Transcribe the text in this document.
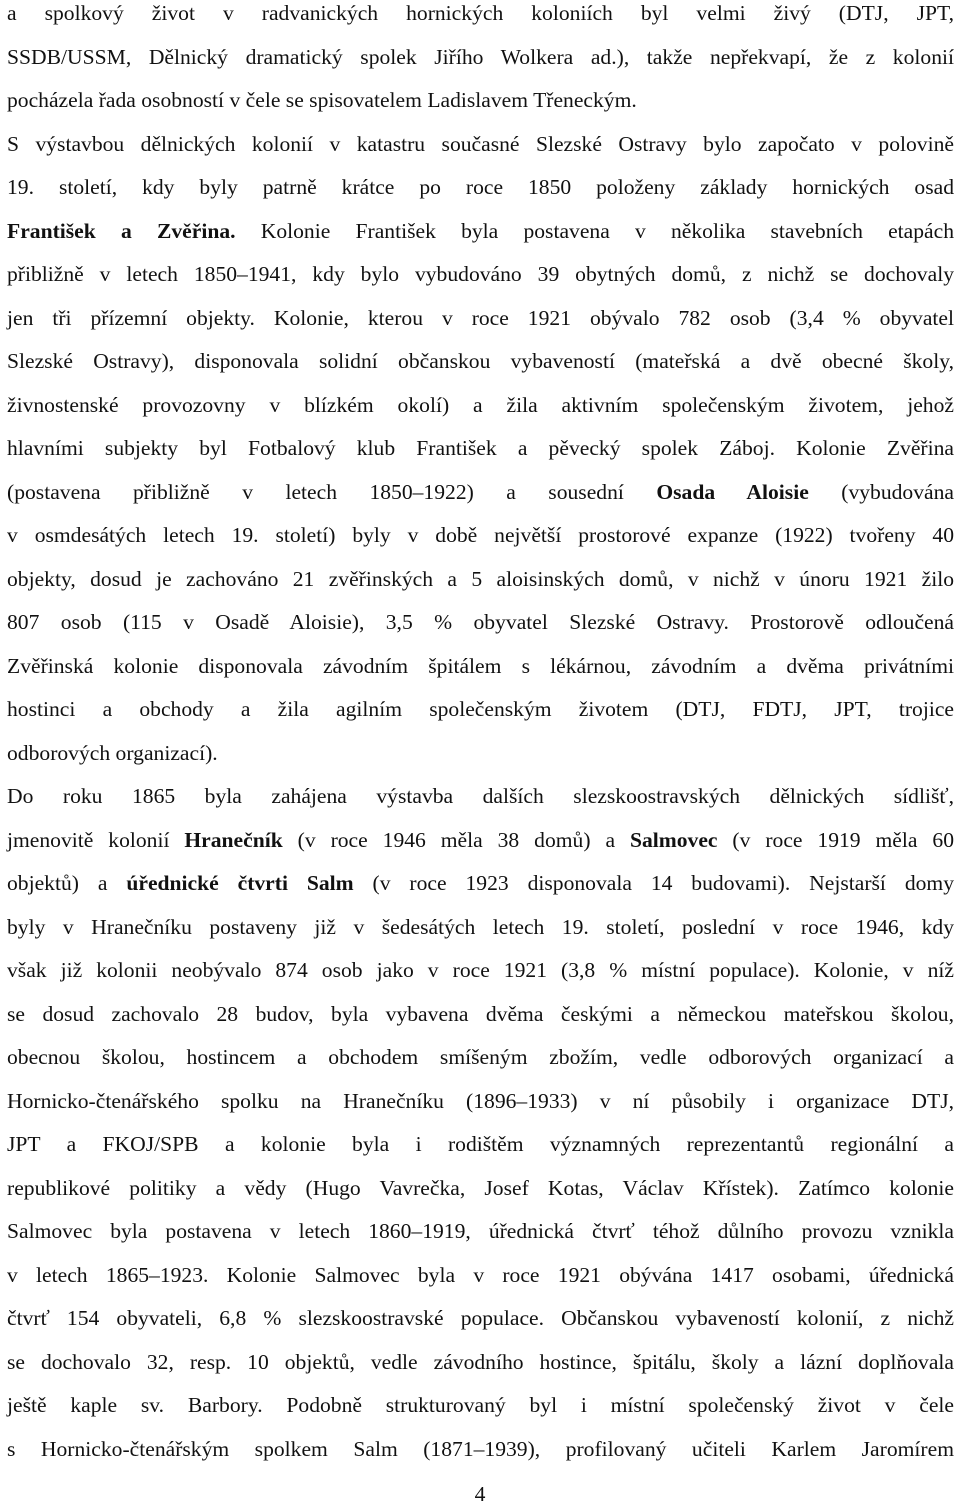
a spolkový život v radvanických hornických koloniích byl velmi živý (DTJ, JPT,
SSDB/USSM, Dělnický dramatický spolek Jiřího Wolkera ad.), takže nepřekvapí, že z kolonií
pocházela řada osobností v čele se spisovatelem Ladislavem Třeneckým.
S výstavbou dělnických kolonií v katastru současné Slezské Ostravy bylo započato v polovině
19. století, kdy byly patrně krátce po roce 1850 položeny základy hornických osad
František a Zvěřina. Kolonie František byla postavena v několika stavebních etapách
přibližně v letech 1850–1941, kdy bylo vybudováno 39 obytných domů, z nichž se dochovaly
jen tři přízemní objekty. Kolonie, kterou v roce 1921 obývalo 782 osob (3,4 % obyvatel
Slezské Ostravy), disponovala solidní občanskou vybaveností (mateřská a dvě obecné školy,
živnostenské provozovny v blízkém okolí) a žila aktivním společenským životem, jehož
hlavními subjekty byl Fotbalový klub František a pěvecký spolek Záboj. Kolonie Zvěřina
(postavena přibližně v letech 1850–1922) a sousední Osada Aloisie (vybudována
v osmdesátých letech 19. století) byly v době největší prostorové expanze (1922) tvořeny 40
objekty, dosud je zachováno 21 zvěřinských a 5 aloisinských domů, v nichž v únoru 1921 žilo
807 osob (115 v Osadě Aloisie), 3,5 % obyvatel Slezské Ostravy. Prostorově odloučená
Zvěřinská kolonie disponovala závodním špitálem s lékárnou, závodním a dvěma privátními
hostinci a obchody a žila agilním společenským životem (DTJ, FDTJ, JPT, trojice
odborových organizací).
Do roku 1865 byla zahájena výstavba dalších slezskoostravských dělnických sídlišť,
jmenovitě kolonií Hranečník (v roce 1946 měla 38 domů) a Salmovec (v roce 1919 měla 60
objektů) a úřednické čtvrti Salm (v roce 1923 disponovala 14 budovami). Nejstarší domy
byly v Hranečníku postaveny již v šedesátých letech 19. století, poslední v roce 1946, kdy
však již kolonii neobývalo 874 osob jako v roce 1921 (3,8 % místní populace). Kolonie, v níž
se dosud zachovalo 28 budov, byla vybavena dvěma českými a německou mateřskou školou,
obecnou školou, hostincem a obchodem smíšeným zbožím, vedle odborových organizací a
Hornicko-čtenářského spolku na Hranečníku (1896–1933) v ní působily i organizace DTJ,
JPT a FKOJ/SPB a kolonie byla i rodištěm významných reprezentantů regionální a
republikové politiky a vědy (Hugo Vavrečka, Josef Kotas, Václav Křístek). Zatímco kolonie
Salmovec byla postavena v letech 1860–1919, úřednická čtvrť téhož důlního provozu vznikla
v letech 1865–1923. Kolonie Salmovec byla v roce 1921 obývána 1417 osobami, úřednická
čtvrť 154 obyvateli, 6,8 % slezskoostravské populace. Občanskou vybaveností kolonií, z nichž
se dochovalo 32, resp. 10 objektů, vedle závodního hostince, špitálu, školy a lázní doplňovala
ještě kaple sv. Barbory. Podobně strukturovaný byl i místní společenský život v čele
s Hornicko-čtenářským spolkem Salm (1871–1939), profilovaný učiteli Karlem Jaromírem
4
